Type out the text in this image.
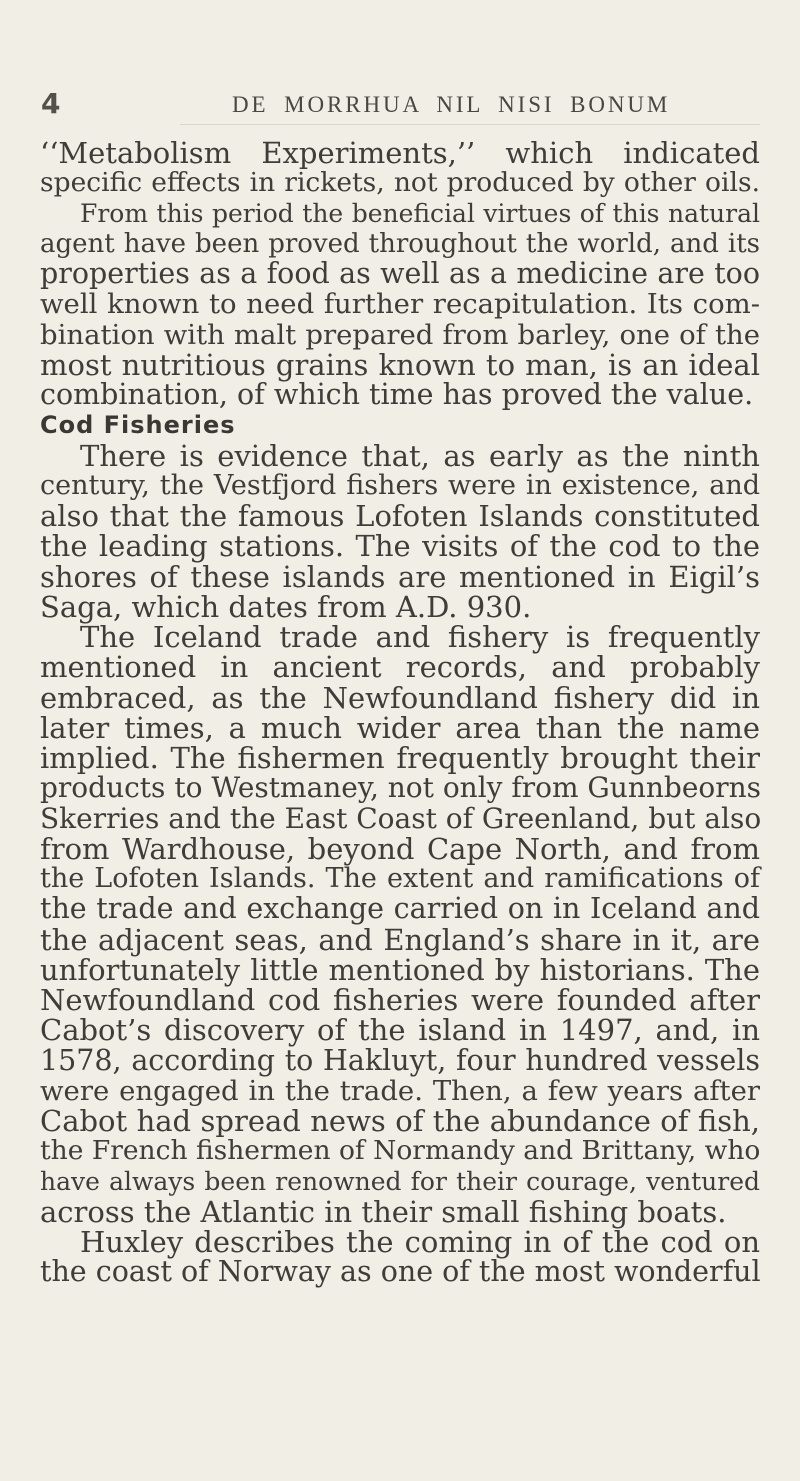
4	DE MORRHUA NIL NISI BONUM

‘‘Metabolism Experiments,’’ which indicated
specific effects in rickets, not produced by other oils.

From this period the beneficial virtues of this natural
agent have been proved throughout the world, and its
properties as a food as well as a medicine are too
well known to need further recapitulation. Its com-
bination with malt prepared from barley, one of the
most nutritious grains known to man, is an ideal
combination, of which time has proved the value.

Cod Fisheries

There is evidence that, as early as the ninth
century, the Vestfjord fishers were in existence, and
also that the famous Lofoten Islands constituted
the leading stations. The visits of the cod to the
shores of these islands are mentioned in Eigil’s
Saga, which dates from A.D. 930.

The Iceland trade and fishery is frequently
mentioned in ancient records, and probably
embraced, as the Newfoundland fishery did in
later times, a much wider area than the name
implied. The fishermen frequently brought their
products to Westmaney, not only from Gunnbeorns
Skerries and the East Coast of Greenland, but also
from Wardhouse, beyond Cape North, and from
the Lofoten Islands. The extent and ramifications of
the trade and exchange carried on in Iceland and
the adjacent seas, and England’s share in it, are
unfortunately little mentioned by historians. The
Newfoundland cod fisheries were founded after
Cabot’s discovery of the island in 1497, and, in
1578, according to Hakluyt, four hundred vessels
were engaged in the trade. Then, a few years after
Cabot had spread news of the abundance of fish,
the French fishermen of Normandy and Brittany, who
have always been renowned for their courage, ventured
across the Atlantic in their small fishing boats.

Huxley describes the coming in of the cod on
the coast of Norway as one of the most wonderful
